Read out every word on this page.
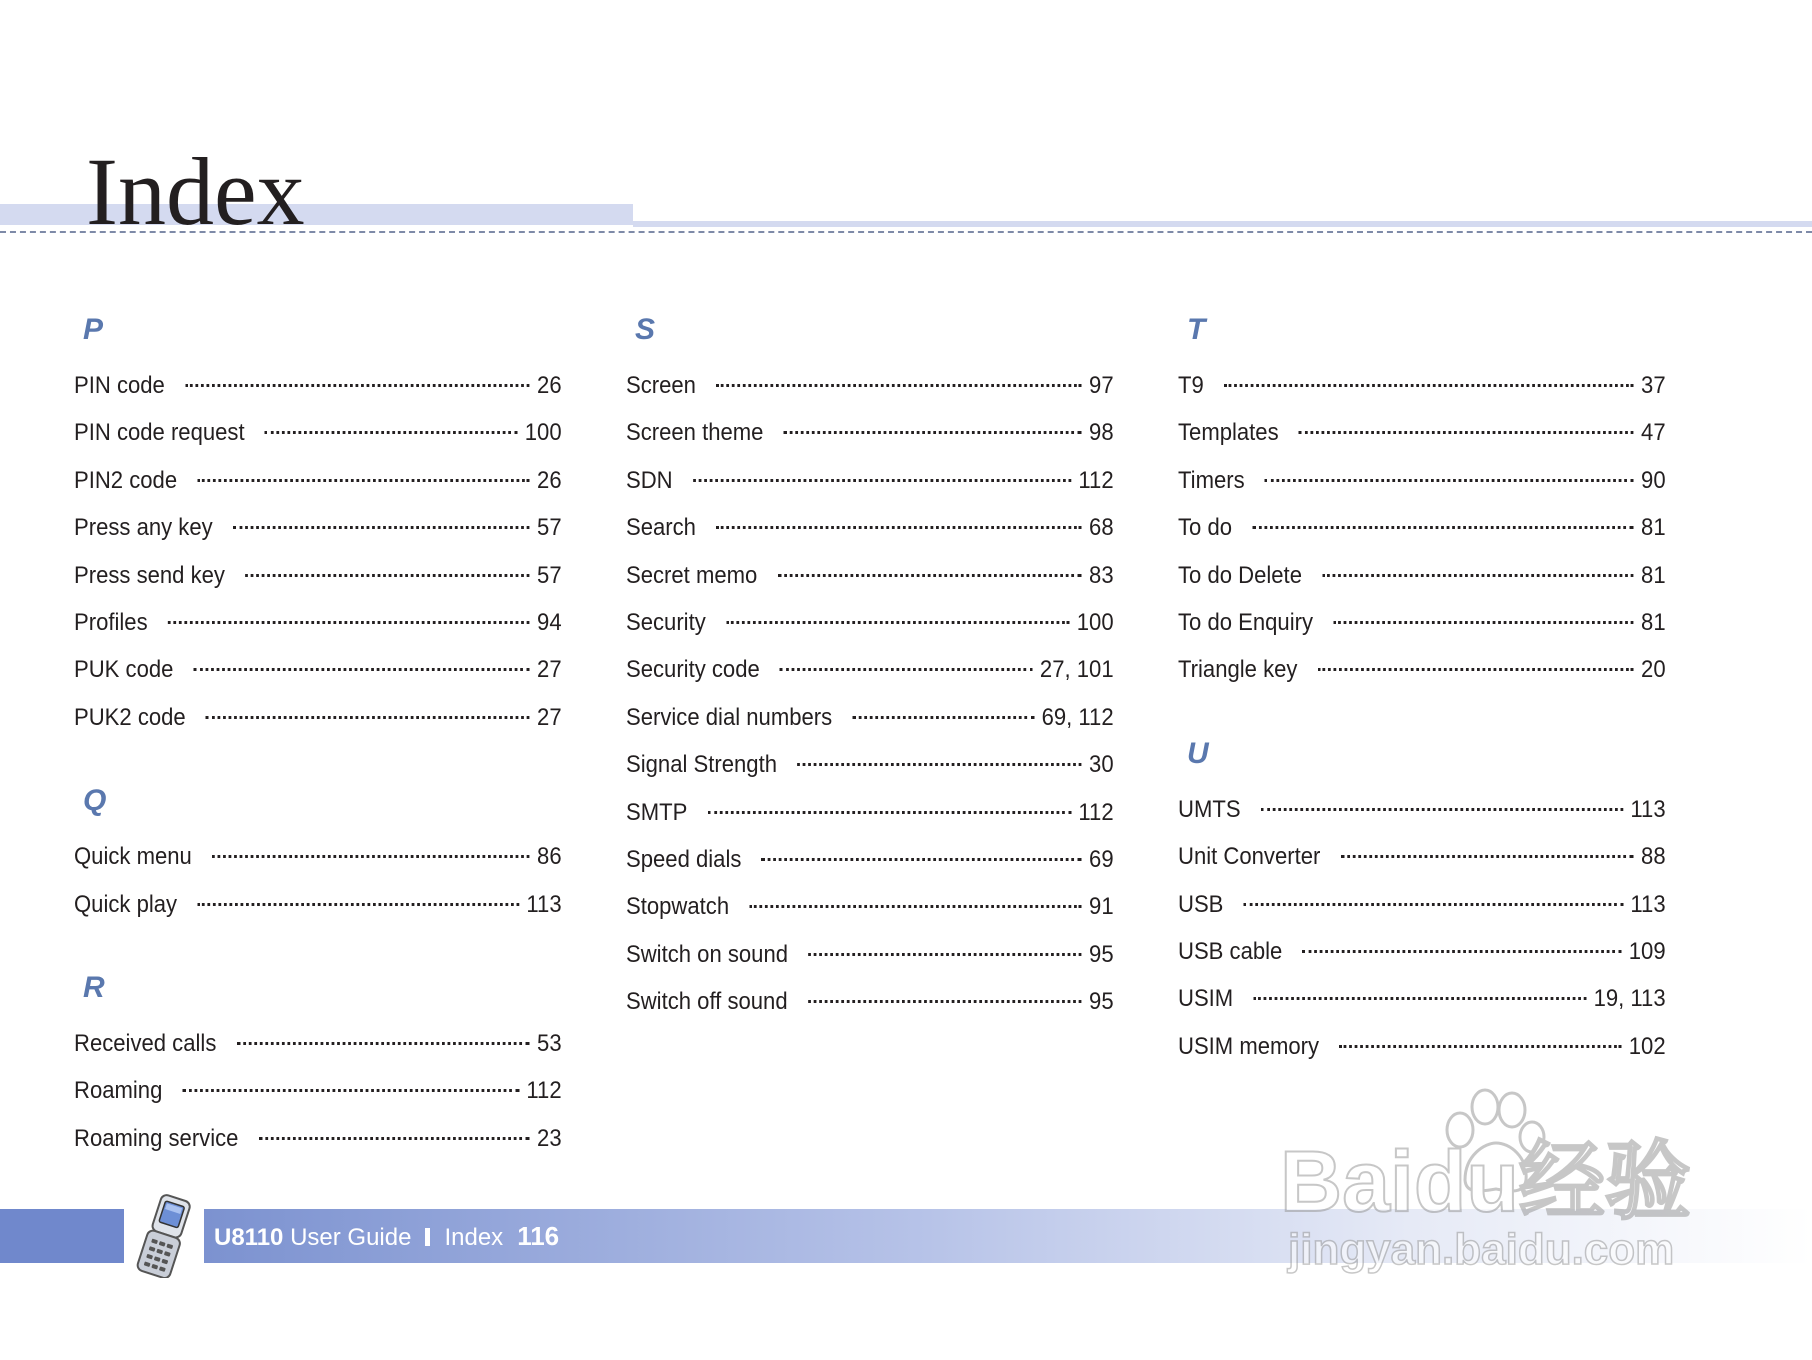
Index
P
PIN code	26
PIN code request	100
PIN2 code	26
Press any key	57
Press send key	57
Profiles	94
PUK code	27
PUK2 code	27
Q
Quick menu	86
Quick play	113
R
Received calls	53
Roaming	112
Roaming service	23
S
Screen	97
Screen theme	98
SDN	112
Search	68
Secret memo	83
Security	100
Security code	27, 101
Service dial numbers	69, 112
Signal Strength	30
SMTP	112
Speed dials	69
Stopwatch	91
Switch on sound	95
Switch off sound	95
T
T9	37
Templates	47
Timers	90
To do	81
To do Delete	81
To do Enquiry	81
Triangle key	20
U
UMTS	113
Unit Converter	88
USB	113
USB cable	109
USIM	19, 113
USIM memory	102
U8110 User Guide Index 116
Baidu经验
jingyan.baidu.com
